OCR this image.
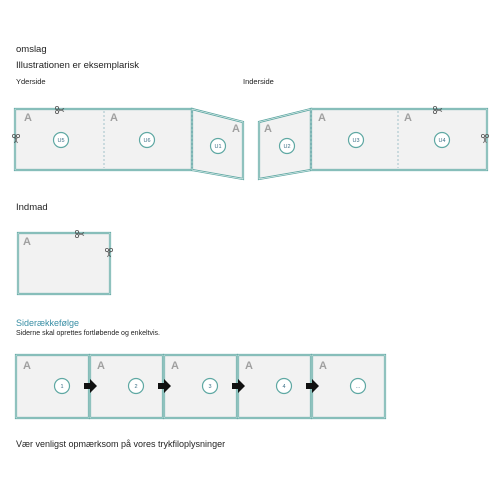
omslag
Illustrationen er eksemplarisk
Yderside	Inderside
Indmad
Siderækkefølge
Siderne skal oprettes fortløbende og enkeltvis.
Vær venligst opmærksom på vores trykfiloplysninger
A	A
A
U5	U6
U1
A
A	A
U2
U3	U4
A
A
1
A
2
A
3
A
4
A
...
